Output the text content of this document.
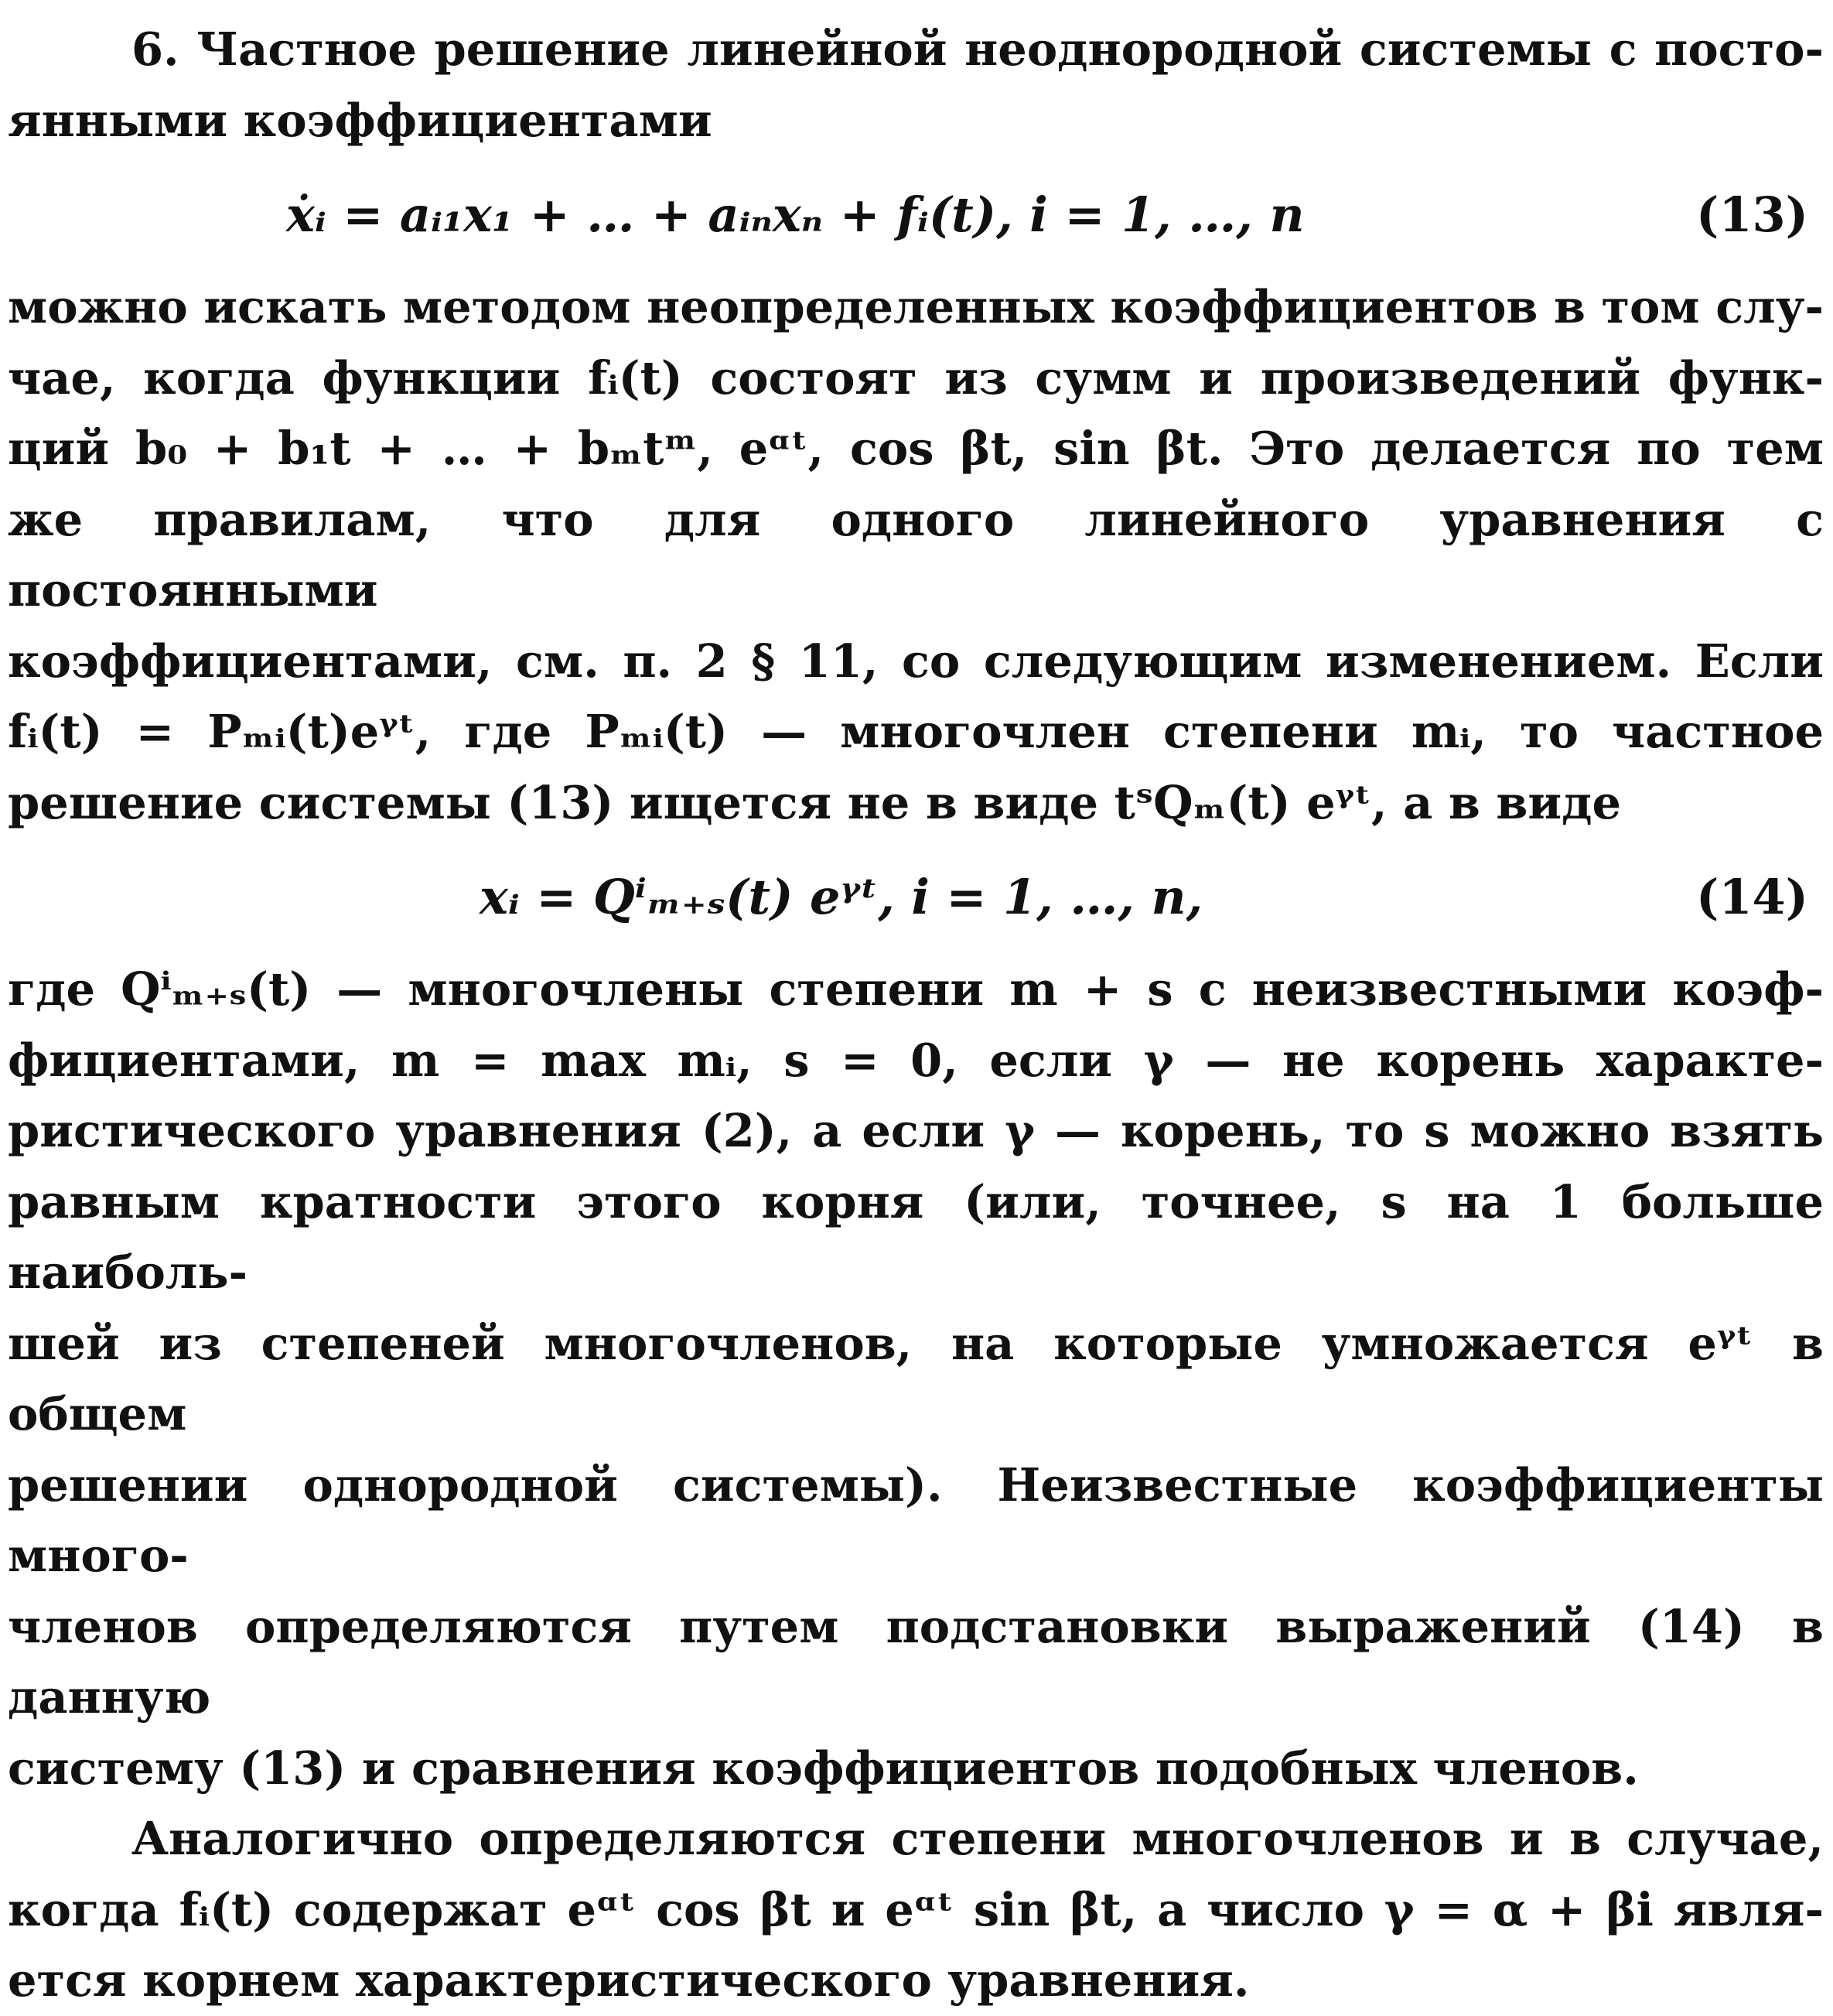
6. Частное решение линейной неоднородной системы с посто-
янными коэффициентами

ẋᵢ = aᵢ₁x₁ + … + aᵢₙxₙ + fᵢ(t), i = 1, …, n	(13)

можно искать методом неопределенных коэффициентов в том слу-
чае, когда функции fᵢ(t) состоят из сумм и произведений функ-
ций b₀ + b₁t + … + bₘtᵐ, eᵅᵗ, cos βt, sin βt. Это делается по тем
же правилам, что для одного линейного уравнения с постоянными
коэффициентами, см. п. 2 § 11, со следующим изменением. Если
fᵢ(t) = Pₘᵢ(t)eᵞᵗ, где Pₘᵢ(t) — многочлен степени mᵢ, то частное
решение системы (13) ищется не в виде tˢQₘ(t) eᵞᵗ, а в виде

xᵢ = Qⁱₘ₊ₛ(t) eᵞᵗ, i = 1, …, n,	(14)

где Qⁱₘ₊ₛ(t) — многочлены степени m + s с неизвестными коэф-
фициентами, m = max mᵢ, s = 0, если γ — не корень характе-
ристического уравнения (2), а если γ — корень, то s можно взять
равным кратности этого корня (или, точнее, s на 1 больше наиболь-
шей из степеней многочленов, на которые умножается eᵞᵗ в общем
решении однородной системы). Неизвестные коэффициенты много-
членов определяются путем подстановки выражений (14) в данную
систему (13) и сравнения коэффициентов подобных членов.

Аналогично определяются степени многочленов и в случае,
когда fᵢ(t) содержат eᵅᵗ cos βt и eᵅᵗ sin βt, а число γ = α + βi явля-
ется корнем характеристического уравнения.
